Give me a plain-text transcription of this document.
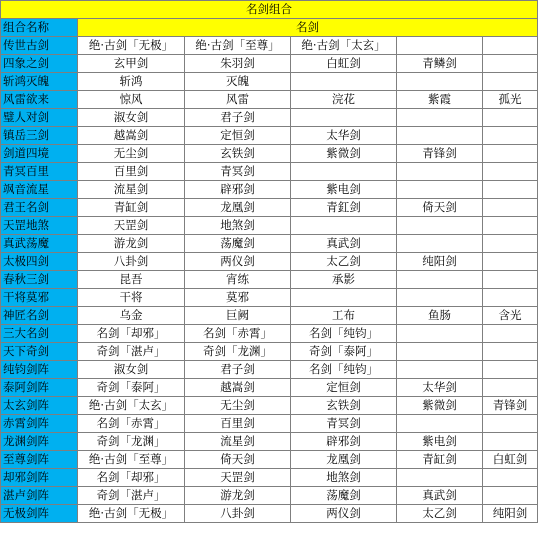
名剑组合					
组合名称	名剑				
传世古剑	绝·古剑「无极」	绝·古剑「至尊」	绝·古剑「太玄」		
四象之剑	玄甲剑	朱羽剑	白虹剑	青鳞剑	
斩鸿灭魄	斩鸿	灭魄			
风雷欲来	惊风	风雷	浣花	紫霞	孤光
璧人对剑	淑女剑	君子剑			
镇岳三剑	越嵩剑	定恒剑	太华剑		
剑道四境	无尘剑	玄铁剑	紫微剑	青锋剑	
青冥百里	百里剑	青冥剑			
飒音流星	流星剑	辟邪剑	紫电剑		
君王名剑	青缸剑	龙凰剑	青釭剑	倚天剑	
天罡地煞	天罡剑	地煞剑			
真武荡魔	游龙剑	荡魔剑	真武剑		
太极四剑	八卦剑	两仪剑	太乙剑	纯阳剑	
春秋三剑	昆吾	宵练	承影		
干将莫邪	干将	莫邪			
神匠名剑	乌金	巨阙	工布	鱼肠	含光
三大名剑	名剑「却邪」	名剑「赤霄」	名剑「纯钧」		
天下奇剑	奇剑「湛卢」	奇剑「龙渊」	奇剑「泰阿」		
纯钧剑阵	淑女剑	君子剑	名剑「纯钧」		
泰阿剑阵	奇剑「泰阿」	越嵩剑	定恒剑	太华剑	
太玄剑阵	绝·古剑「太玄」	无尘剑	玄铁剑	紫微剑	青锋剑
赤霄剑阵	名剑「赤霄」	百里剑	青冥剑		
龙渊剑阵	奇剑「龙渊」	流星剑	辟邪剑	紫电剑	
至尊剑阵	绝·古剑「至尊」	倚天剑	龙凰剑	青缸剑	白虹剑
却邪剑阵	名剑「却邪」	天罡剑	地煞剑		
湛卢剑阵	奇剑「湛卢」	游龙剑	荡魔剑	真武剑	
无极剑阵	绝·古剑「无极」	八卦剑	两仪剑	太乙剑	纯阳剑
